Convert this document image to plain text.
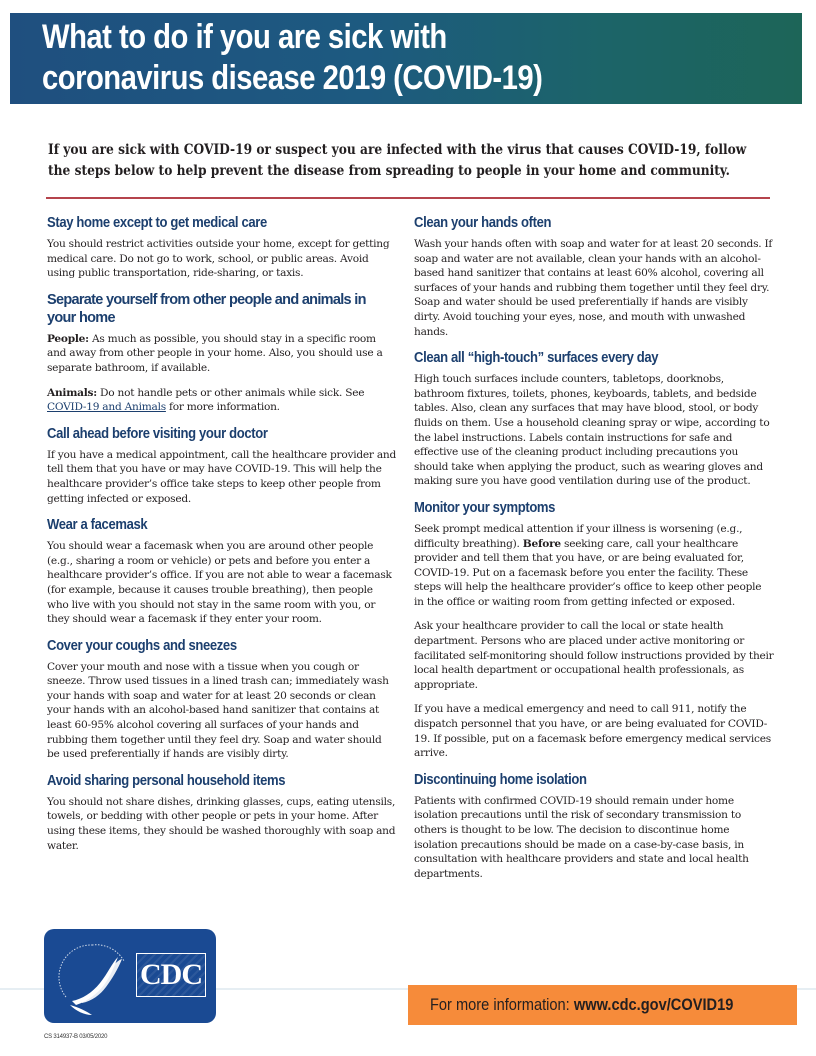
What to do if you are sick with
coronavirus disease 2019 (COVID-19)
If you are sick with COVID-19 or suspect you are infected with the virus that causes COVID-19, follow the steps below to help prevent the disease from spreading to people in your home and community.
Stay home except to get medical care

You should restrict activities outside your home, except for getting medical care. Do not go to work, school, or public areas. Avoid using public transportation, ride-sharing, or taxis.

Separate yourself from other people and animals in your home

People: As much as possible, you should stay in a specific room and away from other people in your home. Also, you should use a separate bathroom, if available.

Animals: Do not handle pets or other animals while sick. See COVID-19 and Animals for more information.

Call ahead before visiting your doctor

If you have a medical appointment, call the healthcare provider and tell them that you have or may have COVID-19. This will help the healthcare provider’s office take steps to keep other people from getting infected or exposed.

Wear a facemask

You should wear a facemask when you are around other people (e.g., sharing a room or vehicle) or pets and before you enter a healthcare provider’s office. If you are not able to wear a facemask (for example, because it causes trouble breathing), then people who live with you should not stay in the same room with you, or they should wear a facemask if they enter your room.

Cover your coughs and sneezes

Cover your mouth and nose with a tissue when you cough or sneeze. Throw used tissues in a lined trash can; immediately wash your hands with soap and water for at least 20 seconds or clean your hands with an alcohol-based hand sanitizer that contains at least 60-95% alcohol covering all surfaces of your hands and rubbing them together until they feel dry. Soap and water should be used preferentially if hands are visibly dirty.

Avoid sharing personal household items

You should not share dishes, drinking glasses, cups, eating utensils, towels, or bedding with other people or pets in your home. After using these items, they should be washed thoroughly with soap and water.

Clean your hands often

Wash your hands often with soap and water for at least 20 seconds. If soap and water are not available, clean your hands with an alcohol-based hand sanitizer that contains at least 60% alcohol, covering all surfaces of your hands and rubbing them together until they feel dry. Soap and water should be used preferentially if hands are visibly dirty. Avoid touching your eyes, nose, and mouth with unwashed hands.

Clean all “high-touch” surfaces every day

High touch surfaces include counters, tabletops, doorknobs, bathroom fixtures, toilets, phones, keyboards, tablets, and bedside tables. Also, clean any surfaces that may have blood, stool, or body fluids on them. Use a household cleaning spray or wipe, according to the label instructions. Labels contain instructions for safe and effective use of the cleaning product including precautions you should take when applying the product, such as wearing gloves and making sure you have good ventilation during use of the product.

Monitor your symptoms

Seek prompt medical attention if your illness is worsening (e.g., difficulty breathing). Before seeking care, call your healthcare provider and tell them that you have, or are being evaluated for, COVID-19. Put on a facemask before you enter the facility. These steps will help the healthcare provider’s office to keep other people in the office or waiting room from getting infected or exposed.

Ask your healthcare provider to call the local or state health department. Persons who are placed under active monitoring or facilitated self-monitoring should follow instructions provided by their local health department or occupational health professionals, as appropriate.

If you have a medical emergency and need to call 911, notify the dispatch personnel that you have, or are being evaluated for COVID-19. If possible, put on a facemask before emergency medical services arrive.

Discontinuing home isolation

Patients with confirmed COVID-19 should remain under home isolation precautions until the risk of secondary transmission to others is thought to be low. The decision to discontinue home isolation precautions should be made on a case-by-case basis, in consultation with healthcare providers and state and local health departments.

CDC
CS 314937-B 03/05/2020
For more information: www.cdc.gov/COVID19
